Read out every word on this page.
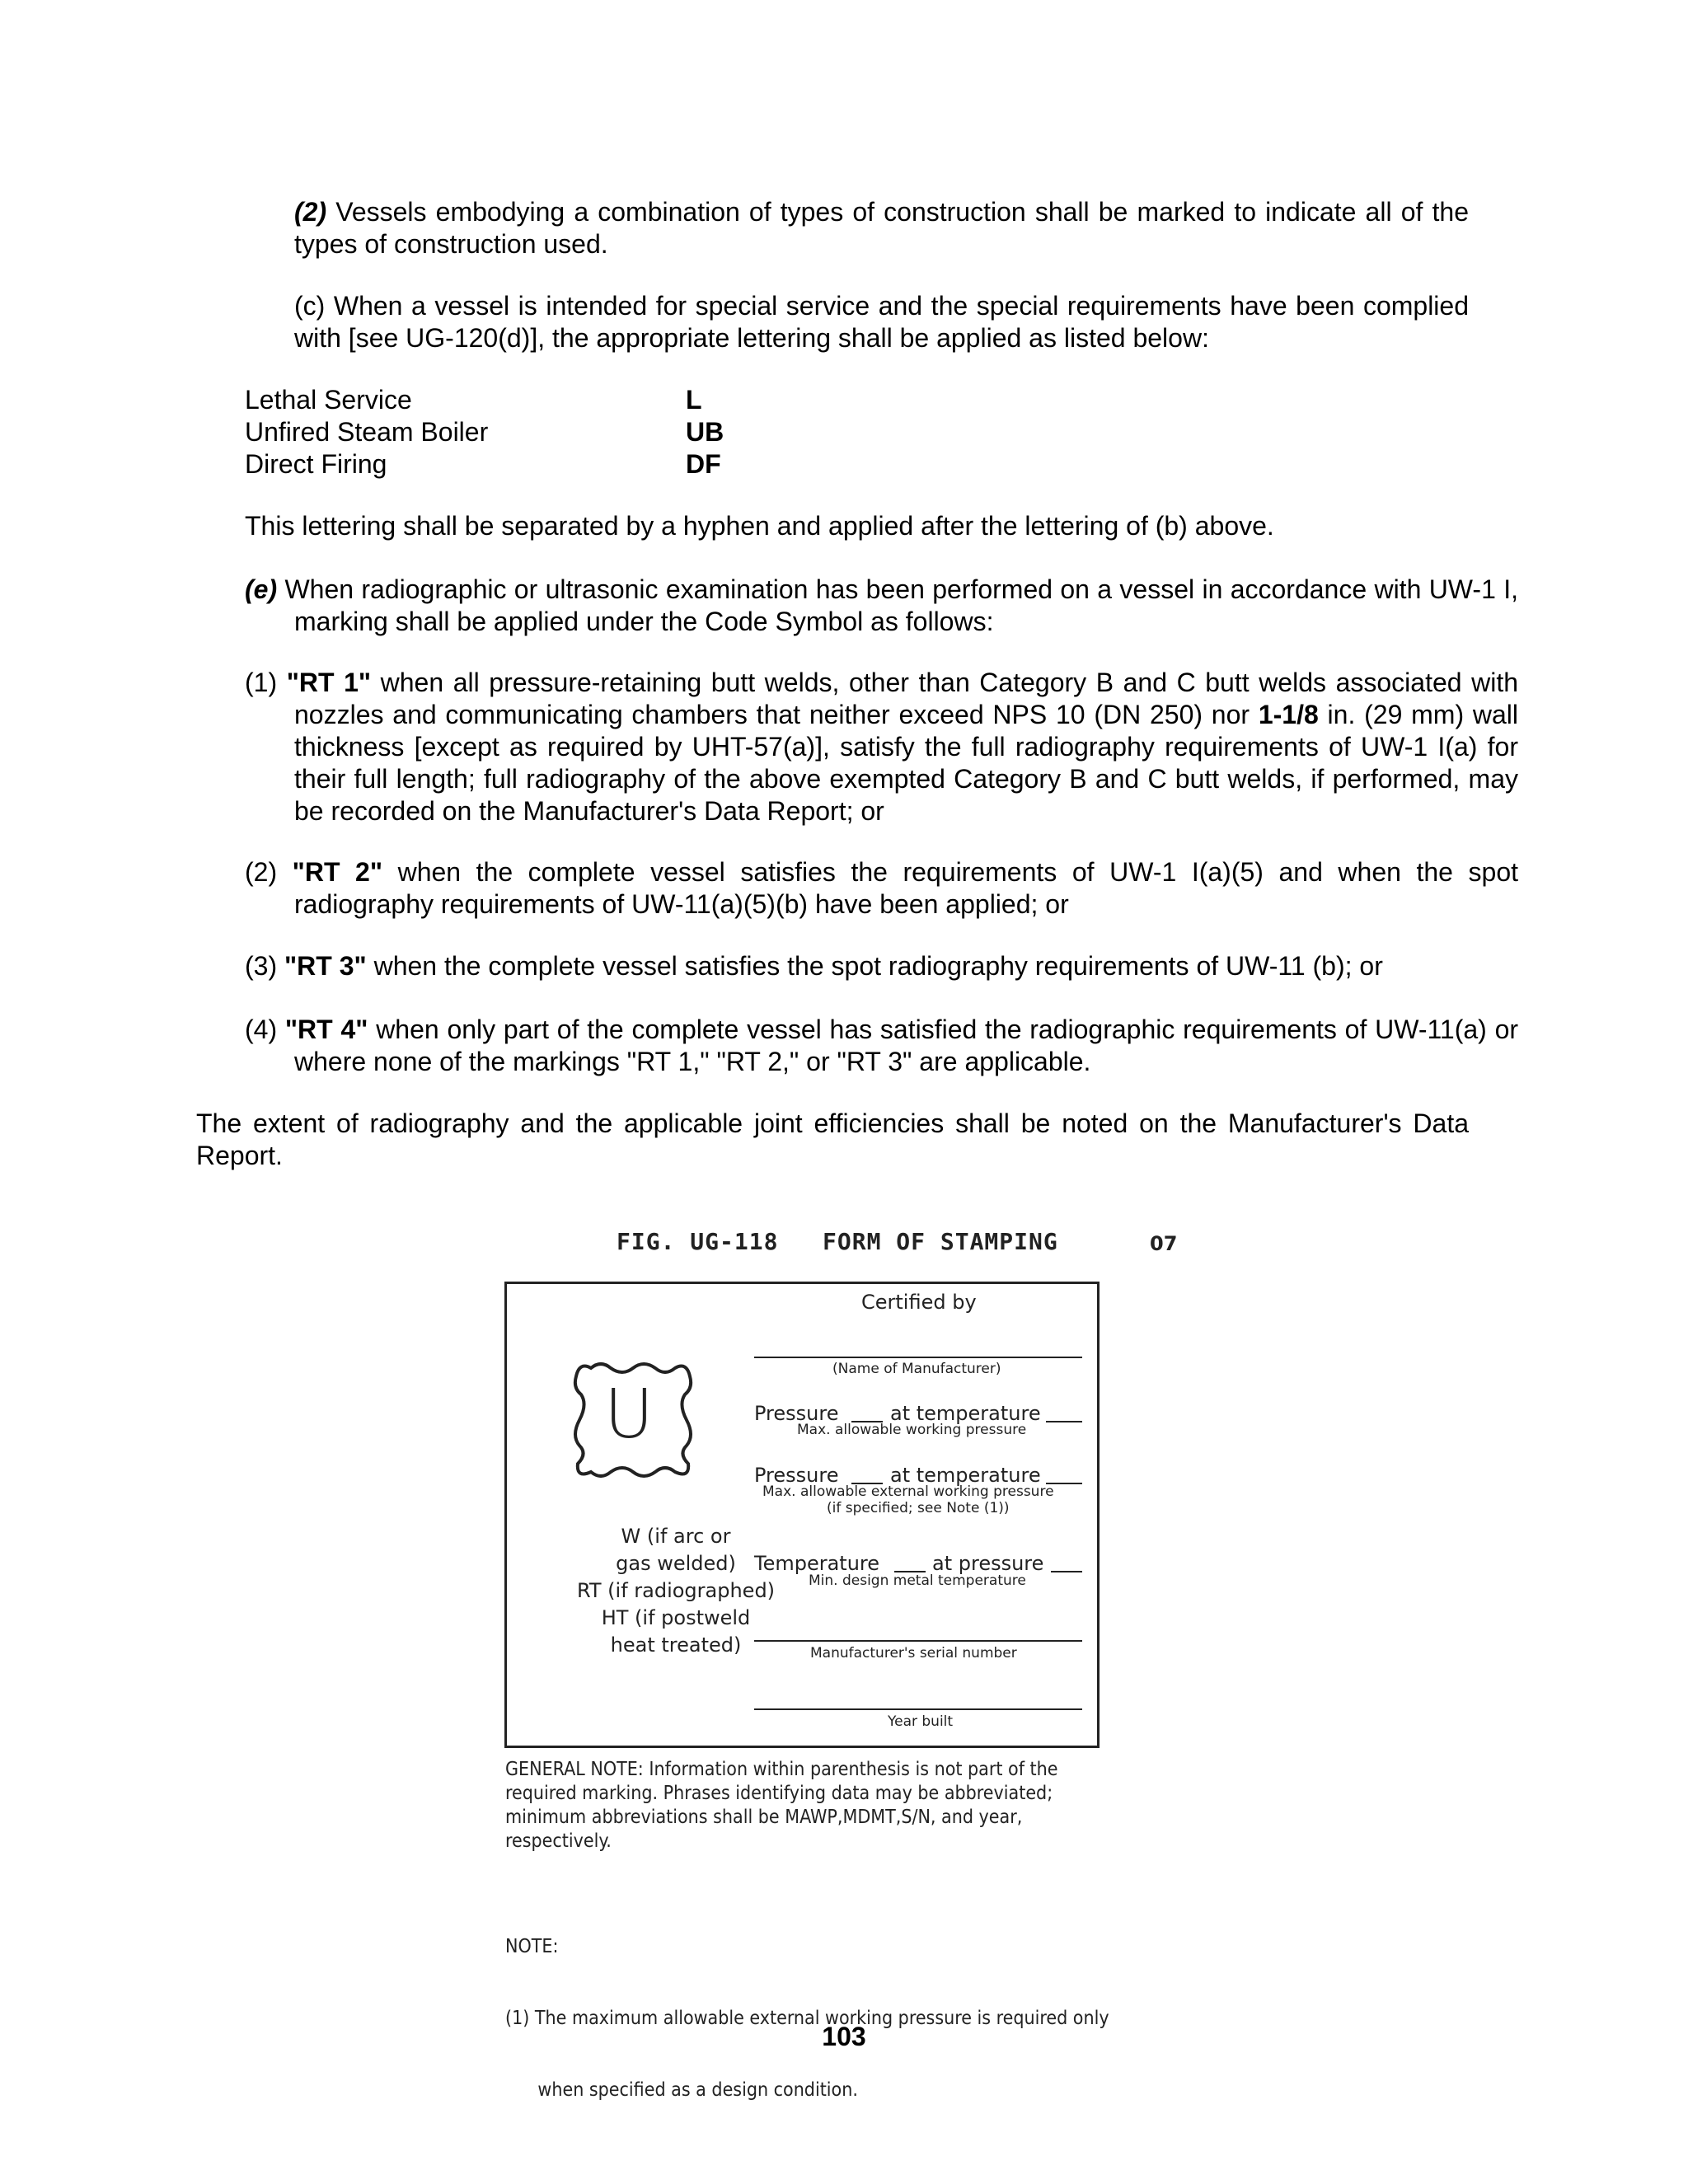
(2) Vessels embodying a combination of types of construction shall be marked to indicate all of the types of construction used.
(c) When a vessel is intended for special service and the special requirements have been complied with [see UG-120(d)], the appropriate lettering shall be applied as listed below:
Lethal Service	L
Unfired Steam Boiler	UB
Direct Firing	DF
This lettering shall be separated by a hyphen and applied after the lettering of (b) above.
(e) When radiographic or ultrasonic examination has been performed on a vessel in accordance with UW-1 I, marking shall be applied under the Code Symbol as follows:
(1) "RT 1" when all pressure-retaining butt welds, other than Category B and C butt welds associated with nozzles and communicating chambers that neither exceed NPS 10 (DN 250) nor 1-1/8 in. (29 mm) wall thickness [except as required by UHT-57(a)], satisfy the full radiography requirements of UW-1 I(a) for their full length; full radiography of the above exempted Category B and C butt welds, if performed, may be recorded on the Manufacturer's Data Report; or
(2) "RT 2" when the complete vessel satisfies the requirements of UW-1 I(a)(5) and when the spot radiography requirements of UW-11(a)(5)(b) have been applied; or
(3) "RT 3" when the complete vessel satisfies the spot radiography requirements of UW-11 (b); or
(4) "RT 4" when only part of the complete vessel has satisfied the radiographic requirements of UW-11(a) or where none of the markings "RT 1," "RT 2," or "RT 3" are applicable.
The extent of radiography and the applicable joint efficiencies shall be noted on the Manufacturer's Data Report.
FIG. UG-118   FORM OF STAMPING	07
U
W (if arc or
gas welded)
RT (if radiographed)
HT (if postweld
heat treated)
Certified by
(Name of Manufacturer)
Pressure	at temperature
Max. allowable working pressure
Pressure	at temperature
Max. allowable external working pressure
(if specified; see Note (1))
Temperature	at pressure
Min. design metal temperature
Manufacturer's serial number
Year built
GENERAL NOTE: Information within parenthesis is not part of the
required marking. Phrases identifying data may be abbreviated;
minimum abbreviations shall be MAWP,MDMT,S/N, and year,
respectively.

NOTE:

(1) The maximum allowable external working pressure is required only

when specified as a design condition.

103
